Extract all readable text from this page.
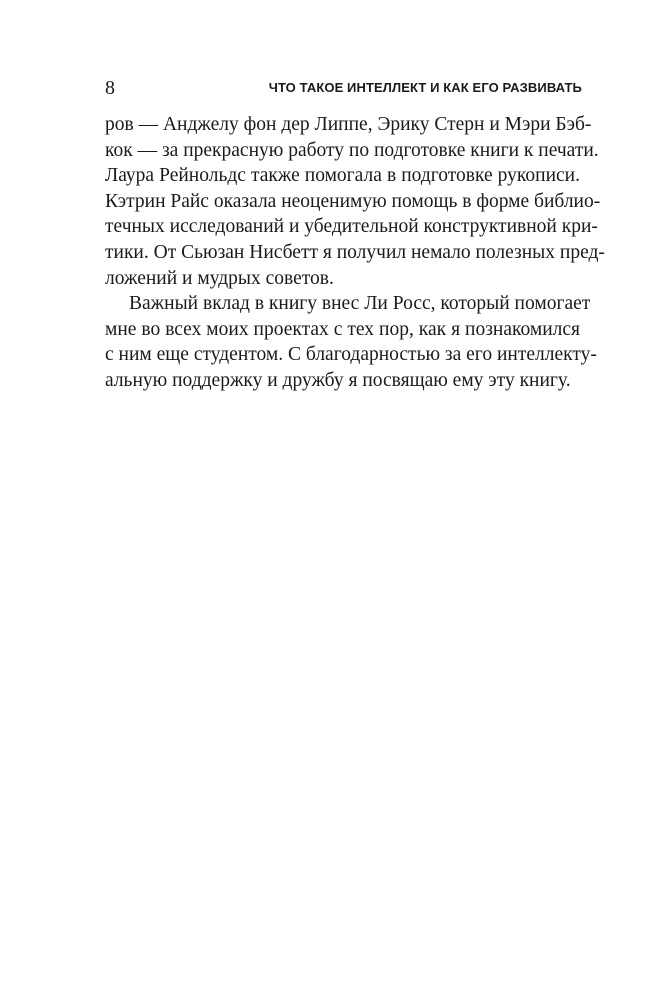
8	ЧТО ТАКОЕ ИНТЕЛЛЕКТ И КАК ЕГО РАЗВИВАТЬ

ров — Анджелу фон дер Липпе, Эрику Стерн и Мэри Бэб-
кок — за прекрасную работу по подготовке книги к печати.
Лаура Рейнольдс также помогала в подготовке рукописи.
Кэтрин Райс оказала неоценимую помощь в форме библио-
течных исследований и убедительной конструктивной кри-
тики. От Сьюзан Нисбетт я получил немало полезных пред-
ложений и мудрых советов.

Важный вклад в книгу внес Ли Росс, который помогает
мне во всех моих проектах с тех пор, как я познакомился
с ним еще студентом. С благодарностью за его интеллекту-
альную поддержку и дружбу я посвящаю ему эту книгу.
